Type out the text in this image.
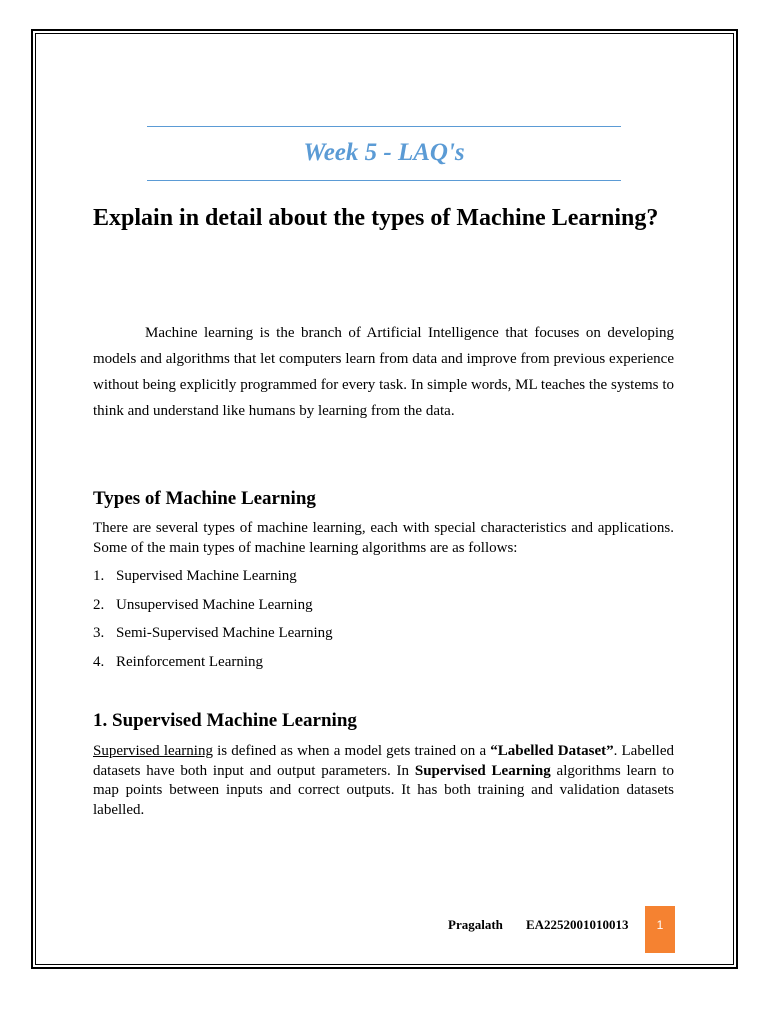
Week 5 - LAQ's

Explain in detail about the types of Machine Learning?

Machine learning is the branch of Artificial Intelligence that focuses on developing models and algorithms that let computers learn from data and improve from previous experience without being explicitly programmed for every task. In simple words, ML teaches the systems to think and understand like humans by learning from the data.

Types of Machine Learning

There are several types of machine learning, each with special characteristics and applications. Some of the main types of machine learning algorithms are as follows:

1. Supervised Machine Learning
2. Unsupervised Machine Learning
3. Semi-Supervised Machine Learning
4. Reinforcement Learning
1. Supervised Machine Learning

Supervised learning is defined as when a model gets trained on a “Labelled Dataset”. Labelled datasets have both input and output parameters. In Supervised Learning algorithms learn to map points between inputs and correct outputs. It has both training and validation datasets labelled.

Pragalath EA2252001010013	1
